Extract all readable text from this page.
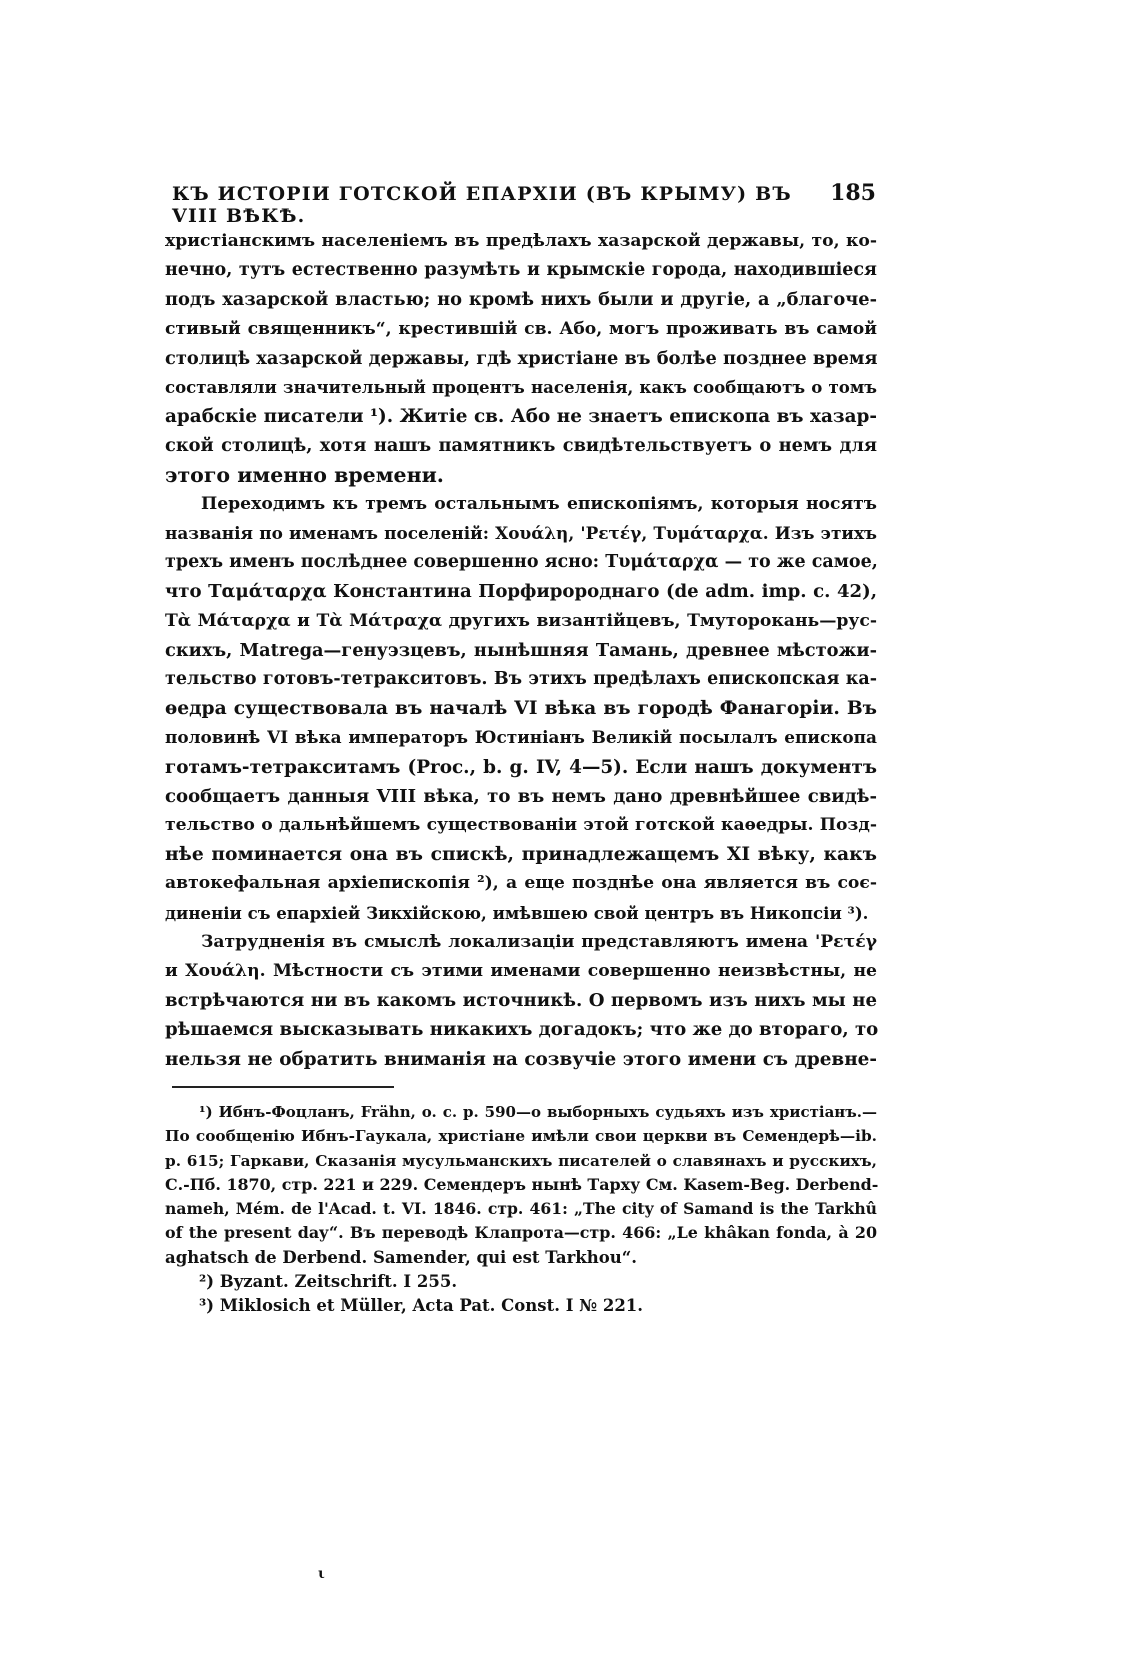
КЪ ИСТОРІИ ГОТСКОЙ ЕПАРХІИ (ВЪ КРЫМУ) ВЪ VIII ВѢКѢ.
185
христіанскимъ населеніемъ въ предѣлахъ хазарской державы, то, ко-
нечно, тутъ естественно разумѣть и крымскіе города, находившіеся
подъ хазарской властью; но кромѣ нихъ были и другіе, а „благоче-
стивый священникъ“, крестившій св. Або, могъ проживать въ самой
столицѣ хазарской державы, гдѣ христіане въ болѣе позднее время
составляли значительный процентъ населенія, какъ сообщаютъ о томъ
арабскіе писатели ¹). Житіе св. Або не знаетъ епископа въ хазар-
ской столицѣ, хотя нашъ памятникъ свидѣтельствуетъ о немъ для
этого именно времени.
Переходимъ къ тремъ остальнымъ епископіямъ, которыя носятъ
названія по именамъ поселеній: Χουάλη, 'Ρετέγ, Τυμάταρχα. Изъ этихъ
трехъ именъ послѣднее совершенно ясно: Τυμάταρχα — то же самое,
что Ταμάταρχα Константина Порфиророднаго (de adm. imp. c. 42),
Τὰ Μάταρχα и Τὰ Μάτραχα другихъ византійцевъ, Тмуторокань—рус-
скихъ, Matrega—генуэзцевъ, нынѣшняя Тамань, древнее мѣстожи-
тельство готовъ-тетракситовъ. Въ этихъ предѣлахъ епископская ка-
ѳедра существовала въ началѣ VI вѣка въ городѣ Фанагоріи. Въ
половинѣ VI вѣка императоръ Юстиніанъ Великій посылалъ епископа
готамъ-тетракситамъ (Proc., b. g. IV, 4—5). Если нашъ документъ
сообщаетъ данныя VIII вѣка, то въ немъ дано древнѣйшее свидѣ-
тельство о дальнѣйшемъ существованіи этой готской каѳедры. Позд-
нѣе поминается она въ спискѣ, принадлежащемъ XI вѣку, какъ
автокефальная архіепископія ²), а еще позднѣе она является въ соє-
диненіи съ епархіей Зикхійскою, имѣвшею свой центръ въ Никопсіи ³).
Затрудненія въ смыслѣ локализаціи представляютъ имена 'Ρετέγ
и Χουάλη. Мѣстности съ этими именами совершенно неизвѣстны, не
встрѣчаются ни въ какомъ источникѣ. О первомъ изъ нихъ мы не
рѣшаемся высказывать никакихъ догадокъ; что же до втораго, то
нельзя не обратить вниманія на созвучіе этого имени съ древне-
¹) Ибнъ-Фоцланъ, Frähn, o. c. p. 590—о выборныхъ судьяхъ изъ христіанъ.—
По сообщенію Ибнъ-Гаукала, христіане имѣли свои церкви въ Семендерѣ—ib.
p. 615; Гаркави, Сказанія мусульманскихъ писателей о славянахъ и русскихъ,
С.-Пб. 1870, стр. 221 и 229. Семендеръ нынѣ Тарху См. Kasem-Beg. Derbend-
nameh, Mém. de l'Acad. t. VI. 1846. стр. 461: „The city of Samand is the Tarkhû
of the present day“. Въ переводѣ Клапрота—стр. 466: „Le khâkan fonda, à 20
aghatsch de Derbend. Samender, qui est Tarkhou“.
²) Byzant. Zeitschrift. I 255.
³) Miklosich et Müller, Acta Pat. Const. I № 221.
ι
